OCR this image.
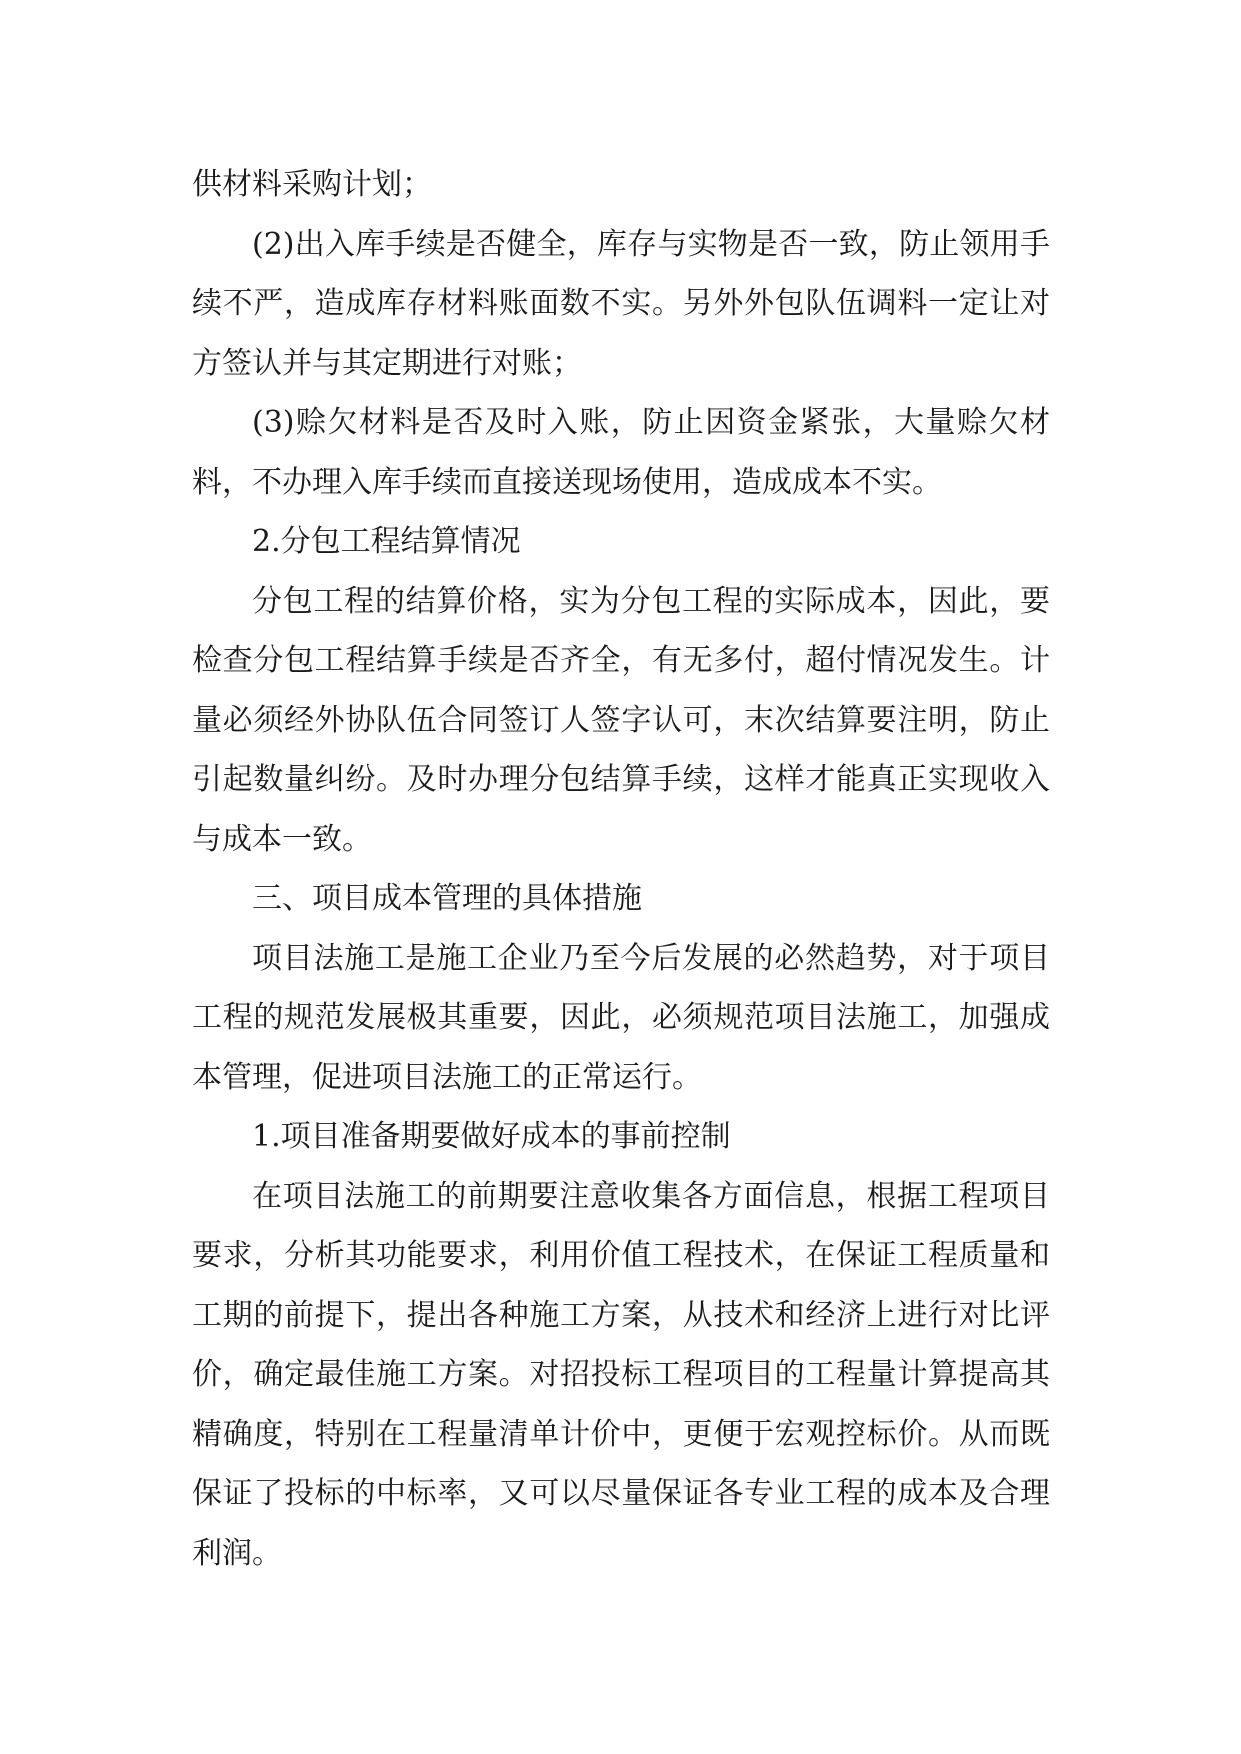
供材料采购计划；

(2)出入库手续是否健全，库存与实物是否一致，防止领用手续不严，造成库存材料账面数不实。另外外包队伍调料一定让对方签认并与其定期进行对账；

(3)赊欠材料是否及时入账，防止因资金紧张，大量赊欠材料，不办理入库手续而直接送现场使用，造成成本不实。

2.分包工程结算情况

分包工程的结算价格，实为分包工程的实际成本，因此，要检查分包工程结算手续是否齐全，有无多付，超付情况发生。计量必须经外协队伍合同签订人签字认可，末次结算要注明，防止引起数量纠纷。及时办理分包结算手续，这样才能真正实现收入与成本一致。

三、项目成本管理的具体措施

项目法施工是施工企业乃至今后发展的必然趋势，对于项目工程的规范发展极其重要，因此，必须规范项目法施工，加强成本管理，促进项目法施工的正常运行。

1.项目准备期要做好成本的事前控制

在项目法施工的前期要注意收集各方面信息，根据工程项目要求，分析其功能要求，利用价值工程技术，在保证工程质量和工期的前提下，提出各种施工方案，从技术和经济上进行对比评价，确定最佳施工方案。对招投标工程项目的工程量计算提高其精确度，特别在工程量清单计价中，更便于宏观控标价。从而既保证了投标的中标率，又可以尽量保证各专业工程的成本及合理利润。
